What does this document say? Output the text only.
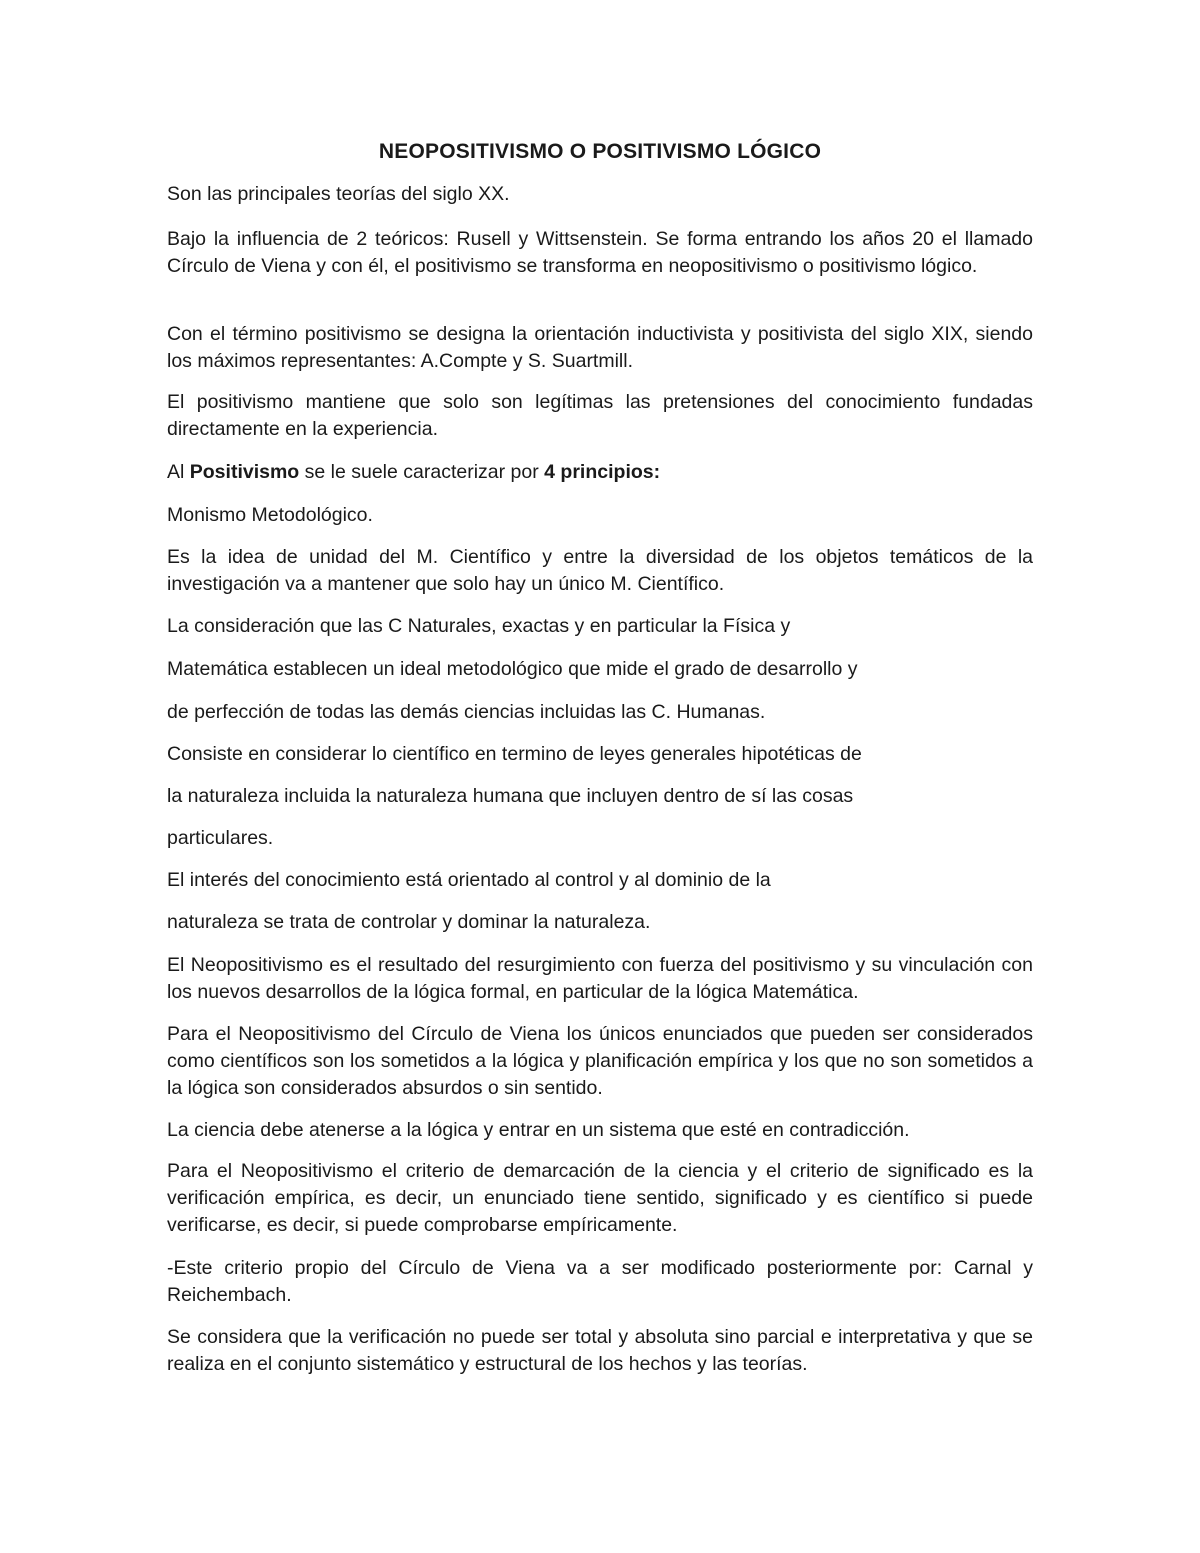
NEOPOSITIVISMO O POSITIVISMO LÓGICO

Son las principales teorías del siglo XX.

Bajo la influencia de 2 teóricos: Rusell y Wittsenstein. Se forma entrando los años 20 el llamado Círculo de Viena y con él, el positivismo se transforma en neopositivismo o positivismo lógico.

Con el término positivismo se designa la orientación inductivista y positivista del siglo XIX, siendo los máximos representantes: A.Compte y S. Suartmill.

El positivismo mantiene que solo son legítimas las pretensiones del conocimiento fundadas directamente en la experiencia.

Al Positivismo se le suele caracterizar por 4 principios:

Monismo Metodológico.

Es la idea de unidad del M. Científico y entre la diversidad de los objetos temáticos de la investigación va a mantener que solo hay un único M. Científico.

La consideración que las C Naturales, exactas y en particular la Física y

Matemática establecen un ideal metodológico que mide el grado de desarrollo y

de perfección de todas las demás ciencias incluidas las C. Humanas.

Consiste en considerar lo científico en termino de leyes generales hipotéticas de

la naturaleza incluida la naturaleza humana que incluyen dentro de sí las cosas

particulares.

El interés del conocimiento está orientado al control y al dominio de la

naturaleza se trata de controlar y dominar la naturaleza.

El Neopositivismo es el resultado del resurgimiento con fuerza del positivismo y su vinculación con los nuevos desarrollos de la lógica formal, en particular de la lógica Matemática.

Para el Neopositivismo del Círculo de Viena los únicos enunciados que pueden ser considerados como científicos son los sometidos a la lógica y planificación empírica y los que no son sometidos a la lógica son considerados absurdos o sin sentido.

La ciencia debe atenerse a la lógica y entrar en un sistema que esté en contradicción.

Para el Neopositivismo el criterio de demarcación de la ciencia y el criterio de significado es la verificación empírica, es decir, un enunciado tiene sentido, significado y es científico si puede verificarse, es decir, si puede comprobarse empíricamente.

-Este criterio propio del Círculo de Viena va a ser modificado posteriormente por: Carnal y Reichembach.

Se considera que la verificación no puede ser total y absoluta sino parcial e interpretativa y que se realiza en el conjunto sistemático y estructural de los hechos y las teorías.
